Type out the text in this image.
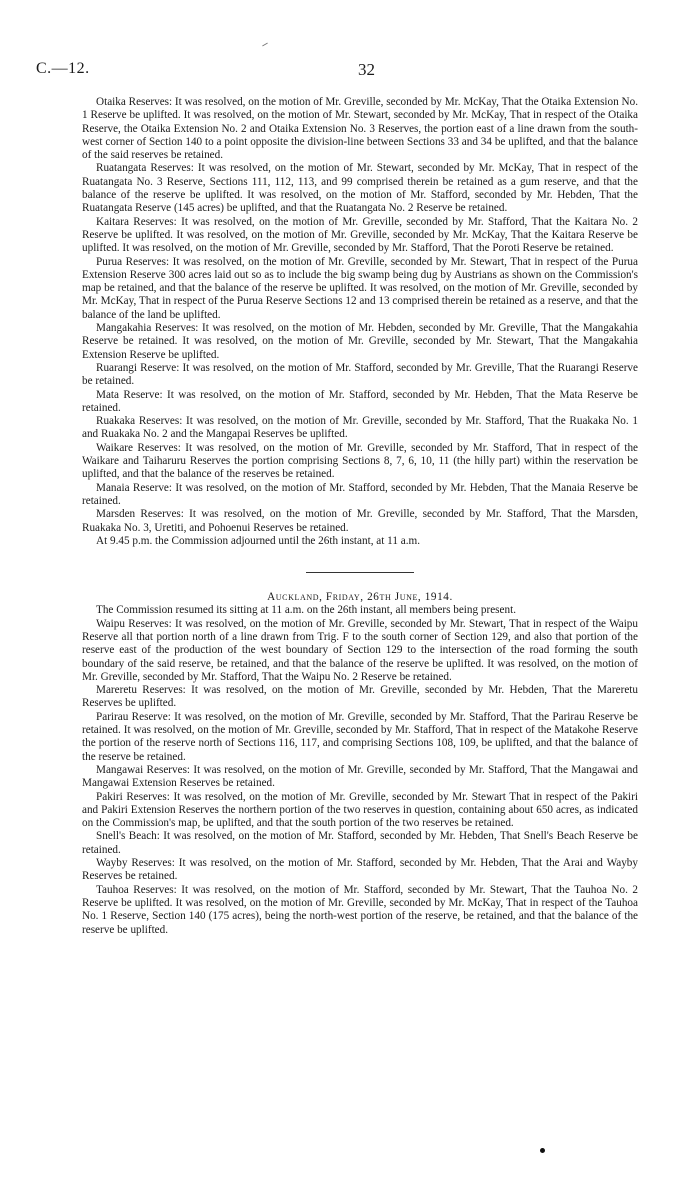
C.—12.	32

Otaika Reserves: It was resolved, on the motion of Mr. Greville, seconded by Mr. McKay, That the Otaika Extension No. 1 Reserve be uplifted. It was resolved, on the motion of Mr. Stewart, seconded by Mr. McKay, That in respect of the Otaika Reserve, the Otaika Extension No. 2 and Otaika Extension No. 3 Reserves, the portion east of a line drawn from the south-west corner of Section 140 to a point opposite the division-line between Sections 33 and 34 be uplifted, and that the balance of the said reserves be retained.

Ruatangata Reserves: It was resolved, on the motion of Mr. Stewart, seconded by Mr. McKay, That in respect of the Ruatangata No. 3 Reserve, Sections 111, 112, 113, and 99 comprised therein be retained as a gum reserve, and that the balance of the reserve be uplifted. It was resolved, on the motion of Mr. Stafford, seconded by Mr. Hebden, That the Ruatangata Reserve (145 acres) be uplifted, and that the Ruatangata No. 2 Reserve be retained.

Kaitara Reserves: It was resolved, on the motion of Mr. Greville, seconded by Mr. Stafford, That the Kaitara No. 2 Reserve be uplifted. It was resolved, on the motion of Mr. Greville, seconded by Mr. McKay, That the Kaitara Reserve be uplifted. It was resolved, on the motion of Mr. Greville, seconded by Mr. Stafford, That the Poroti Reserve be retained.

Purua Reserves: It was resolved, on the motion of Mr. Greville, seconded by Mr. Stewart, That in respect of the Purua Extension Reserve 300 acres laid out so as to include the big swamp being dug by Austrians as shown on the Commission's map be retained, and that the balance of the reserve be uplifted. It was resolved, on the motion of Mr. Greville, seconded by Mr. McKay, That in respect of the Purua Reserve Sections 12 and 13 comprised therein be retained as a reserve, and that the balance of the land be uplifted.

Mangakahia Reserves: It was resolved, on the motion of Mr. Hebden, seconded by Mr. Greville, That the Mangakahia Reserve be retained. It was resolved, on the motion of Mr. Greville, seconded by Mr. Stewart, That the Mangakahia Extension Reserve be uplifted.

Ruarangi Reserve: It was resolved, on the motion of Mr. Stafford, seconded by Mr. Greville, That the Ruarangi Reserve be retained.

Mata Reserve: It was resolved, on the motion of Mr. Stafford, seconded by Mr. Hebden, That the Mata Reserve be retained.

Ruakaka Reserves: It was resolved, on the motion of Mr. Greville, seconded by Mr. Stafford, That the Ruakaka No. 1 and Ruakaka No. 2 and the Mangapai Reserves be uplifted.

Waikare Reserves: It was resolved, on the motion of Mr. Greville, seconded by Mr. Stafford, That in respect of the Waikare and Taiharuru Reserves the portion comprising Sections 8, 7, 6, 10, 11 (the hilly part) within the reservation be uplifted, and that the balance of the reserves be retained.

Manaia Reserve: It was resolved, on the motion of Mr. Stafford, seconded by Mr. Hebden, That the Manaia Reserve be retained.

Marsden Reserves: It was resolved, on the motion of Mr. Greville, seconded by Mr. Stafford, That the Marsden, Ruakaka No. 3, Uretiti, and Pohoenui Reserves be retained.

At 9.45 p.m. the Commission adjourned until the 26th instant, at 11 a.m.

Auckland, Friday, 26th June, 1914.

The Commission resumed its sitting at 11 a.m. on the 26th instant, all members being present.

Waipu Reserves: It was resolved, on the motion of Mr. Greville, seconded by Mr. Stewart, That in respect of the Waipu Reserve all that portion north of a line drawn from Trig. F to the south corner of Section 129, and also that portion of the reserve east of the production of the west boundary of Section 129 to the intersection of the road forming the south boundary of the said reserve, be retained, and that the balance of the reserve be uplifted. It was resolved, on the motion of Mr. Greville, seconded by Mr. Stafford, That the Waipu No. 2 Reserve be retained.

Mareretu Reserves: It was resolved, on the motion of Mr. Greville, seconded by Mr. Hebden, That the Mareretu Reserves be uplifted.

Parirau Reserve: It was resolved, on the motion of Mr. Greville, seconded by Mr. Stafford, That the Parirau Reserve be retained. It was resolved, on the motion of Mr. Greville, seconded by Mr. Stafford, That in respect of the Matakohe Reserve the portion of the reserve north of Sections 116, 117, and comprising Sections 108, 109, be uplifted, and that the balance of the reserve be retained.

Mangawai Reserves: It was resolved, on the motion of Mr. Greville, seconded by Mr. Stafford, That the Mangawai and Mangawai Extension Reserves be retained.

Pakiri Reserves: It was resolved, on the motion of Mr. Greville, seconded by Mr. Stewart That in respect of the Pakiri and Pakiri Extension Reserves the northern portion of the two reserves in question, containing about 650 acres, as indicated on the Commission's map, be uplifted, and that the south portion of the two reserves be retained.

Snell's Beach: It was resolved, on the motion of Mr. Stafford, seconded by Mr. Hebden, That Snell's Beach Reserve be retained.

Wayby Reserves: It was resolved, on the motion of Mr. Stafford, seconded by Mr. Hebden, That the Arai and Wayby Reserves be retained.

Tauhoa Reserves: It was resolved, on the motion of Mr. Stafford, seconded by Mr. Stewart, That the Tauhoa No. 2 Reserve be uplifted. It was resolved, on the motion of Mr. Greville, seconded by Mr. McKay, That in respect of the Tauhoa No. 1 Reserve, Section 140 (175 acres), being the north-west portion of the reserve, be retained, and that the balance of the reserve be uplifted.
